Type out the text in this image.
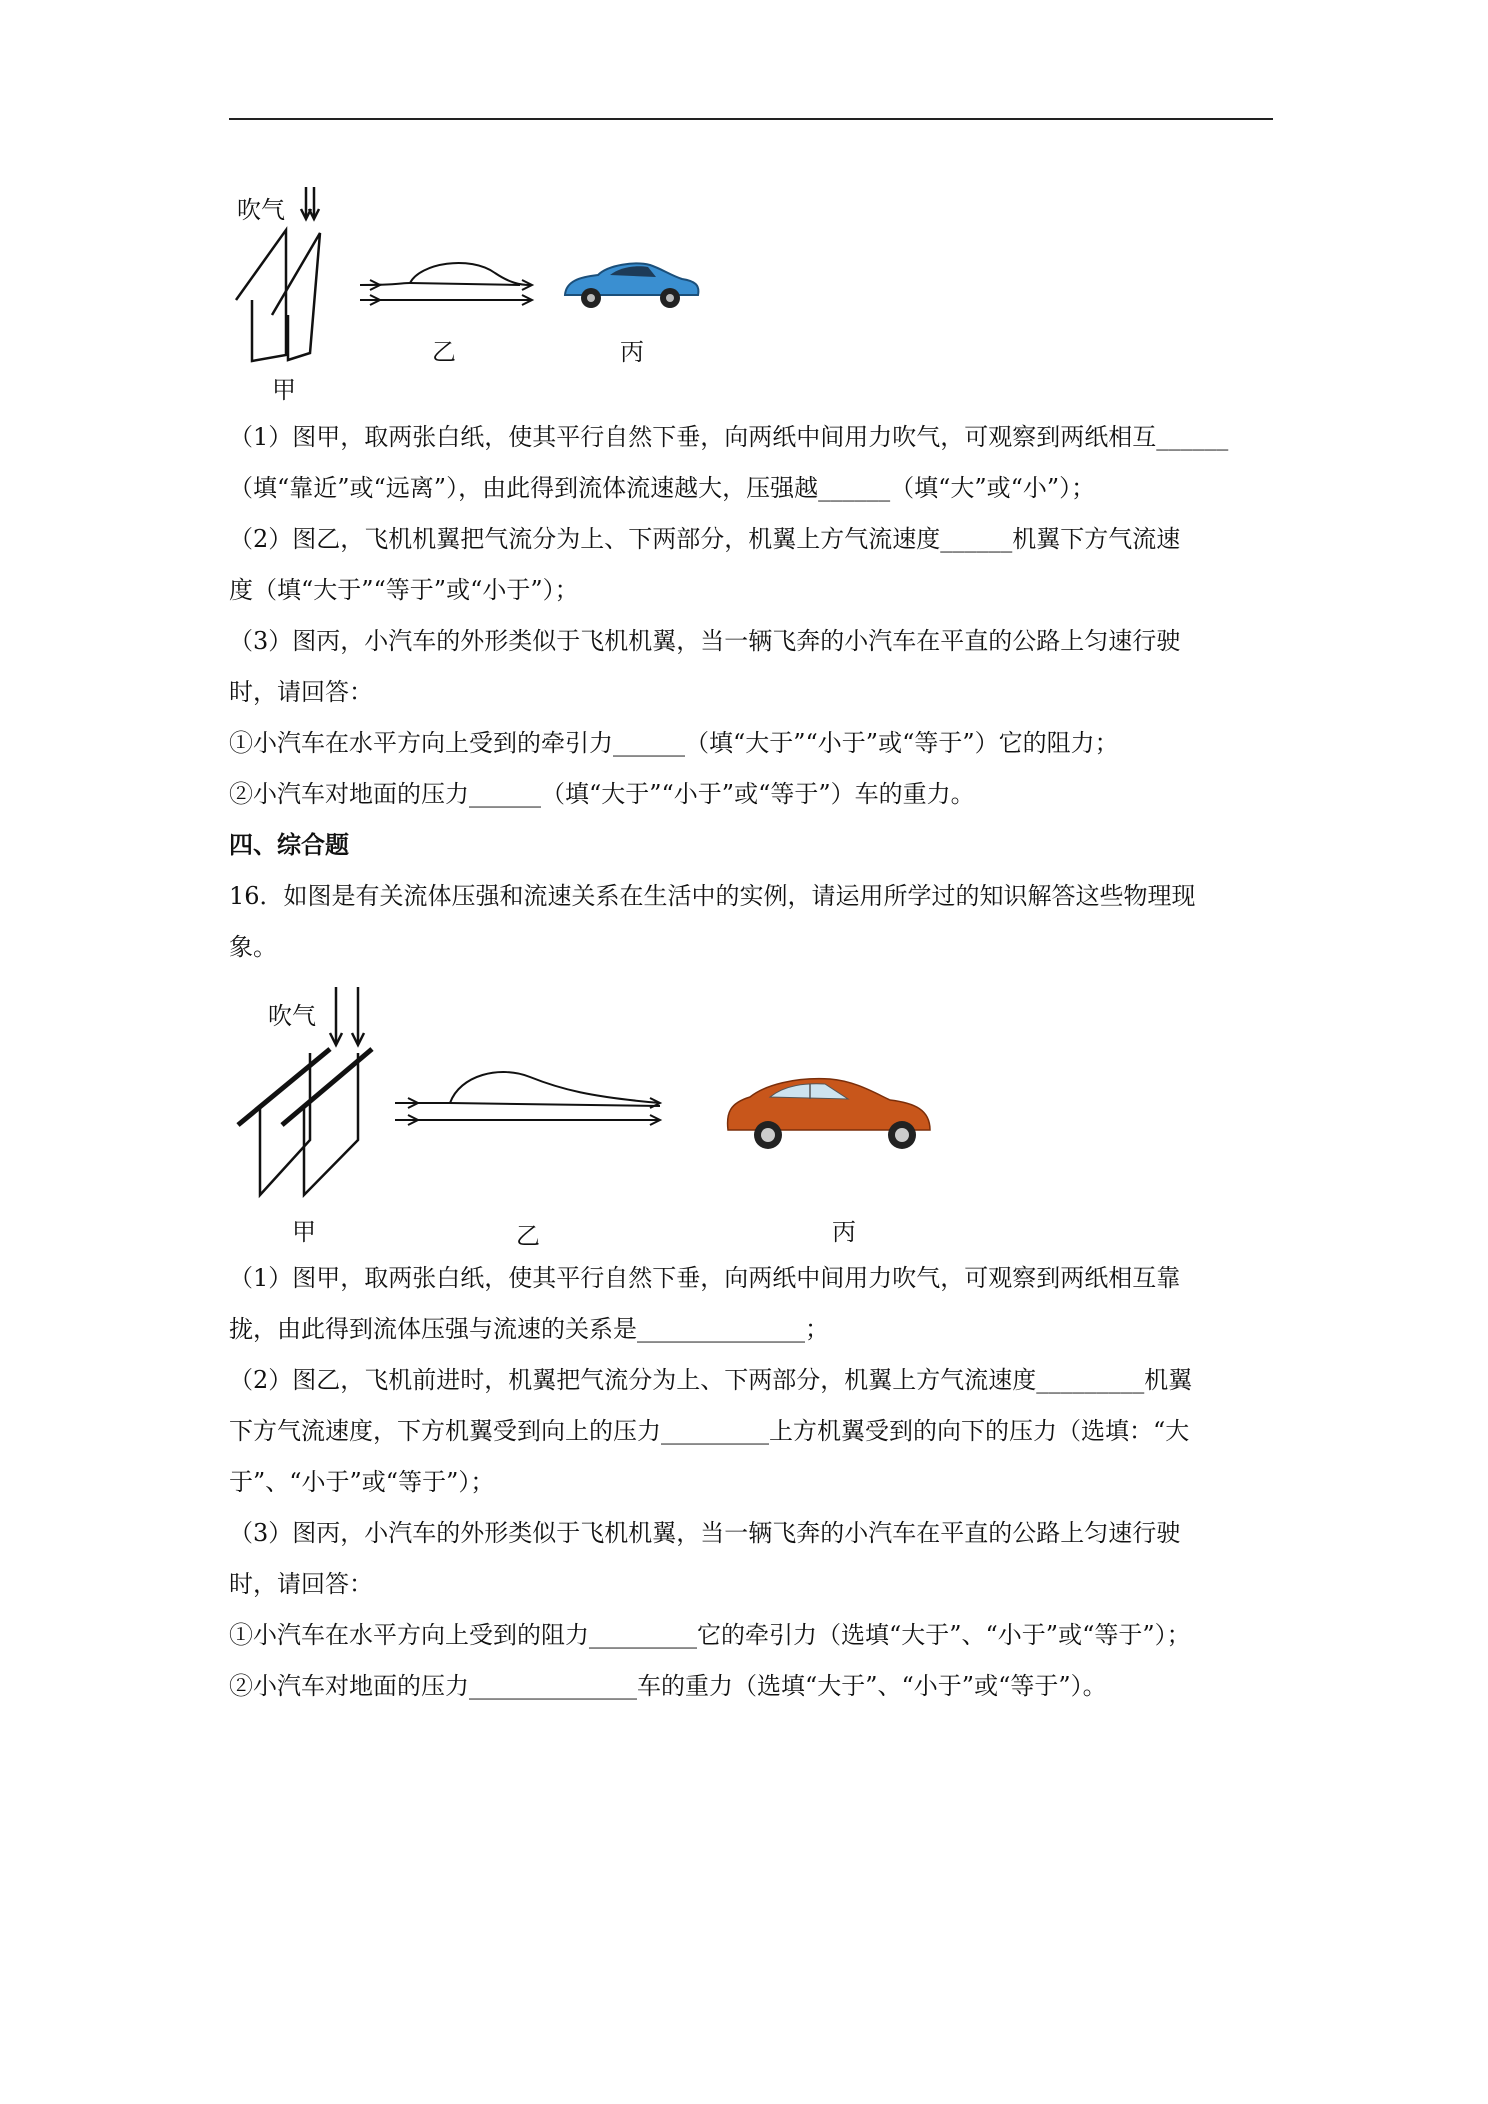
吹气
乙	丙
甲
（1）图甲，取两张白纸，使其平行自然下垂，向两纸中间用力吹气，可观察到两纸相互______
（填“靠近”或“远离”），由此得到流体流速越大，压强越______（填“大”或“小”）；
（2）图乙，飞机机翼把气流分为上、下两部分，机翼上方气流速度______机翼下方气流速
度（填“大于”“等于”或“小于”）；
（3）图丙，小汽车的外形类似于飞机机翼，当一辆飞奔的小汽车在平直的公路上匀速行驶
时，请回答：
①小汽车在水平方向上受到的牵引力______（填“大于”“小于”或“等于”）它的阻力；
②小汽车对地面的压力______（填“大于”“小于”或“等于”）车的重力。
四、综合题
16．如图是有关流体压强和流速关系在生活中的实例，请运用所学过的知识解答这些物理现
象。
吹气
甲	乙	丙
（1）图甲，取两张白纸，使其平行自然下垂，向两纸中间用力吹气，可观察到两纸相互靠
拢，由此得到流体压强与流速的关系是______________；
（2）图乙，飞机前进时，机翼把气流分为上、下两部分，机翼上方气流速度_________机翼
下方气流速度，下方机翼受到向上的压力_________上方机翼受到的向下的压力（选填：“大
于”、“小于”或“等于”）；
（3）图丙，小汽车的外形类似于飞机机翼，当一辆飞奔的小汽车在平直的公路上匀速行驶
时，请回答：
①小汽车在水平方向上受到的阻力_________它的牵引力（选填“大于”、“小于”或“等于”）；
②小汽车对地面的压力______________车的重力（选填“大于”、“小于”或“等于”）。
